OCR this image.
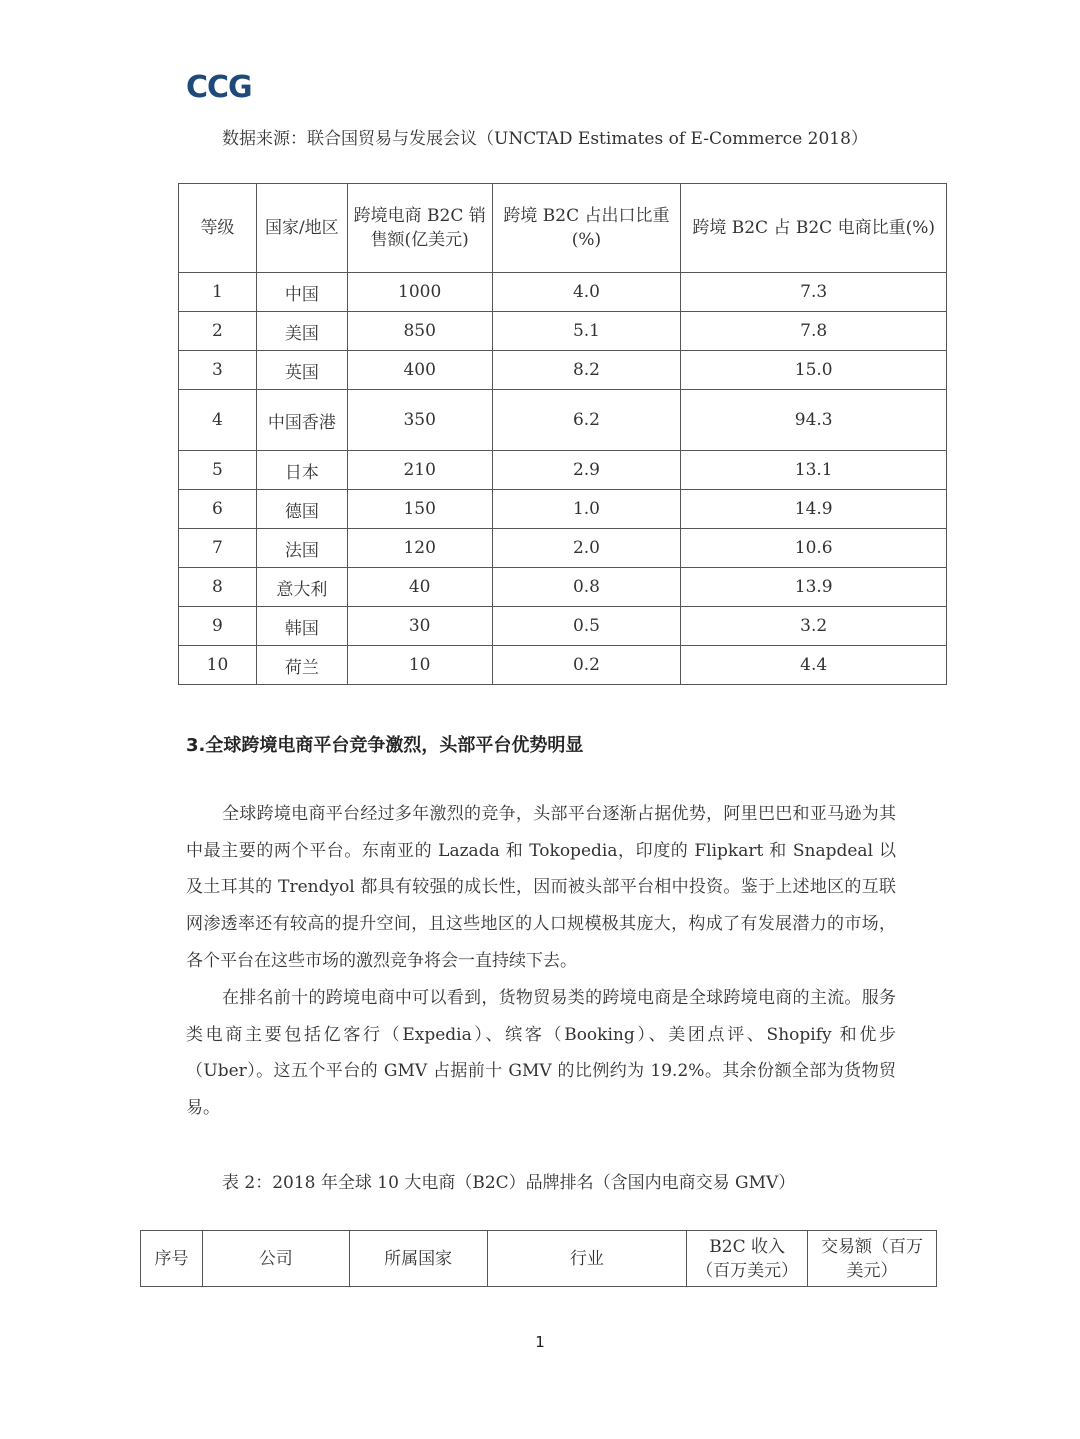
CCG
数据来源：联合国贸易与发展会议（UNCTAD Estimates of E-Commerce 2018）
等级	国家/地区	跨境电商 B2C 销售额(亿美元)	跨境 B2C 占出口比重(%)	跨境 B2C 占 B2C 电商比重(%)
1	中国	1000	4.0	7.3
2	美国	850	5.1	7.8
3	英国	400	8.2	15.0
4	中国香港	350	6.2	94.3
5	日本	210	2.9	13.1
6	德国	150	1.0	14.9
7	法国	120	2.0	10.6
8	意大利	40	0.8	13.9
9	韩国	30	0.5	3.2
10	荷兰	10	0.2	4.4
3.全球跨境电商平台竞争激烈，头部平台优势明显

全球跨境电商平台经过多年激烈的竞争，头部平台逐渐占据优势，阿里巴巴和亚马逊为其中最主要的两个平台。东南亚的 Lazada 和 Tokopedia，印度的 Flipkart 和 Snapdeal 以及土耳其的 Trendyol 都具有较强的成长性，因而被头部平台相中投资。鉴于上述地区的互联网渗透率还有较高的提升空间，且这些地区的人口规模极其庞大，构成了有发展潜力的市场，各个平台在这些市场的激烈竞争将会一直持续下去。

在排名前十的跨境电商中可以看到，货物贸易类的跨境电商是全球跨境电商的主流。服务类电商主要包括亿客行（Expedia）、缤客（Booking）、美团点评、Shopify 和优步（Uber）。这五个平台的 GMV 占据前十 GMV 的比例约为 19.2%。其余份额全部为货物贸易。

表 2：2018 年全球 10 大电商（B2C）品牌排名（含国内电商交易 GMV）
序号	公司	所属国家	行业	B2C 收入（百万美元）	交易额（百万美元）
1
